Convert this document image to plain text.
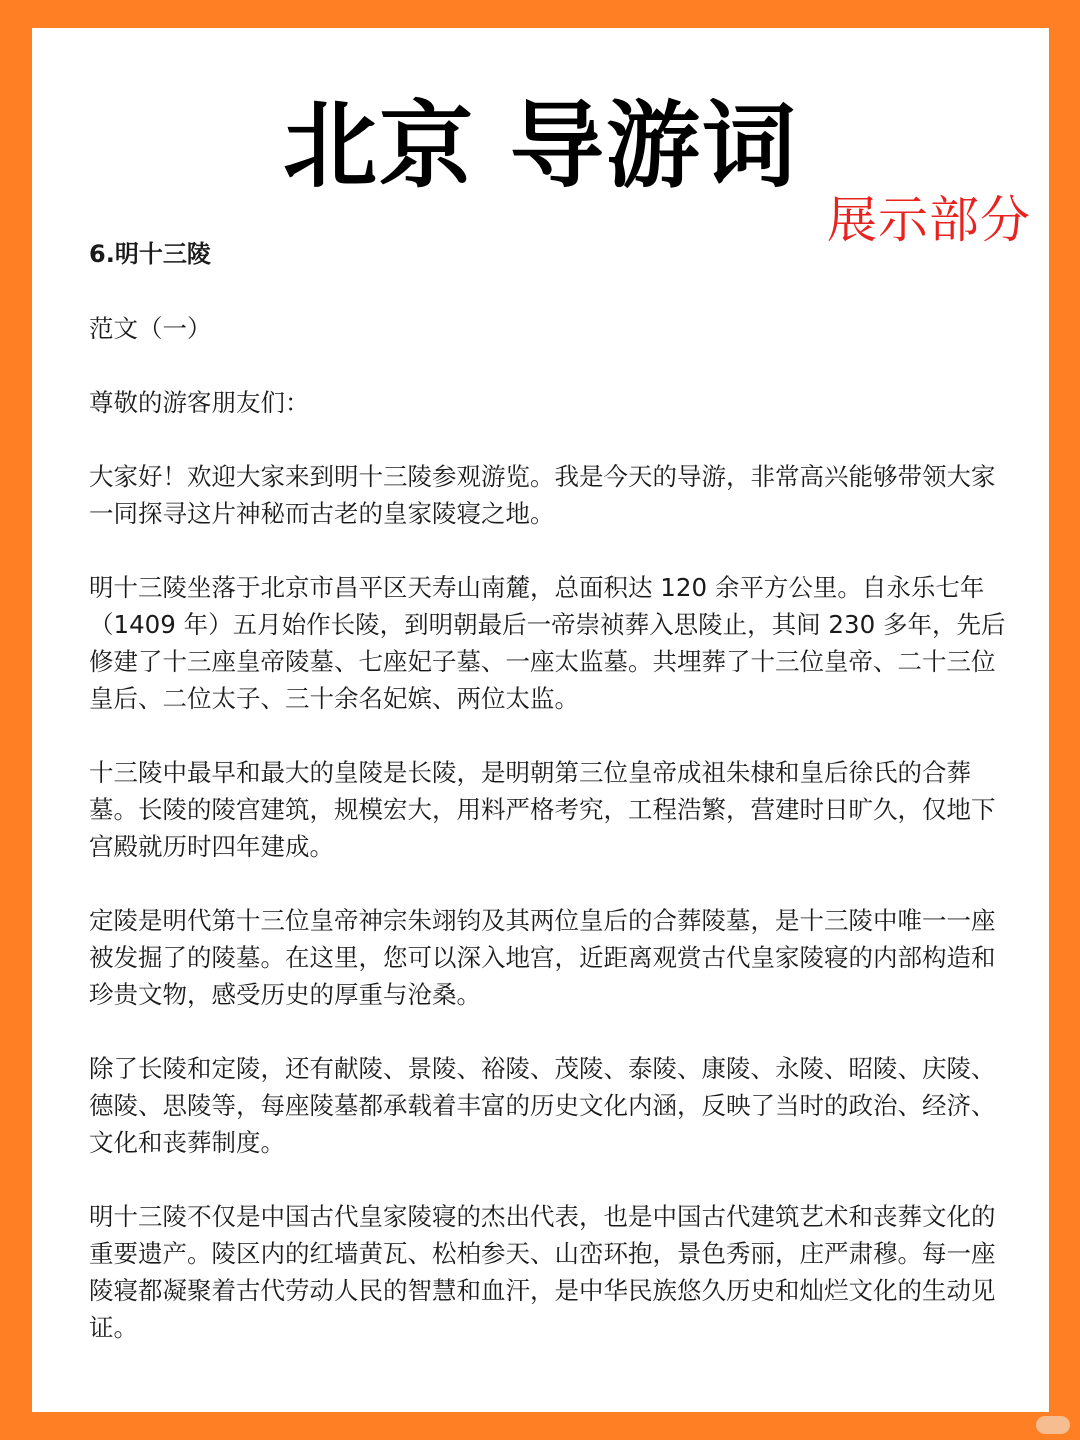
北京 导游词
展示部分

6.明十三陵

范文（一）

尊敬的游客朋友们：

大家好！欢迎大家来到明十三陵参观游览。我是今天的导游，非常高兴能够带领大家一同探寻这片神秘而古老的皇家陵寝之地。

明十三陵坐落于北京市昌平区天寿山南麓，总面积达 120 余平方公里。自永乐七年（1409 年）五月始作长陵，到明朝最后一帝崇祯葬入思陵止，其间 230 多年，先后修建了十三座皇帝陵墓、七座妃子墓、一座太监墓。共埋葬了十三位皇帝、二十三位皇后、二位太子、三十余名妃嫔、两位太监。

十三陵中最早和最大的皇陵是长陵，是明朝第三位皇帝成祖朱棣和皇后徐氏的合葬墓。长陵的陵宫建筑，规模宏大，用料严格考究，工程浩繁，营建时日旷久，仅地下宫殿就历时四年建成。

定陵是明代第十三位皇帝神宗朱翊钧及其两位皇后的合葬陵墓，是十三陵中唯一一座被发掘了的陵墓。在这里，您可以深入地宫，近距离观赏古代皇家陵寝的内部构造和珍贵文物，感受历史的厚重与沧桑。

除了长陵和定陵，还有献陵、景陵、裕陵、茂陵、泰陵、康陵、永陵、昭陵、庆陵、德陵、思陵等，每座陵墓都承载着丰富的历史文化内涵，反映了当时的政治、经济、文化和丧葬制度。

明十三陵不仅是中国古代皇家陵寝的杰出代表，也是中国古代建筑艺术和丧葬文化的重要遗产。陵区内的红墙黄瓦、松柏参天、山峦环抱，景色秀丽，庄严肃穆。每一座陵寝都凝聚着古代劳动人民的智慧和血汗，是中华民族悠久历史和灿烂文化的生动见证。
